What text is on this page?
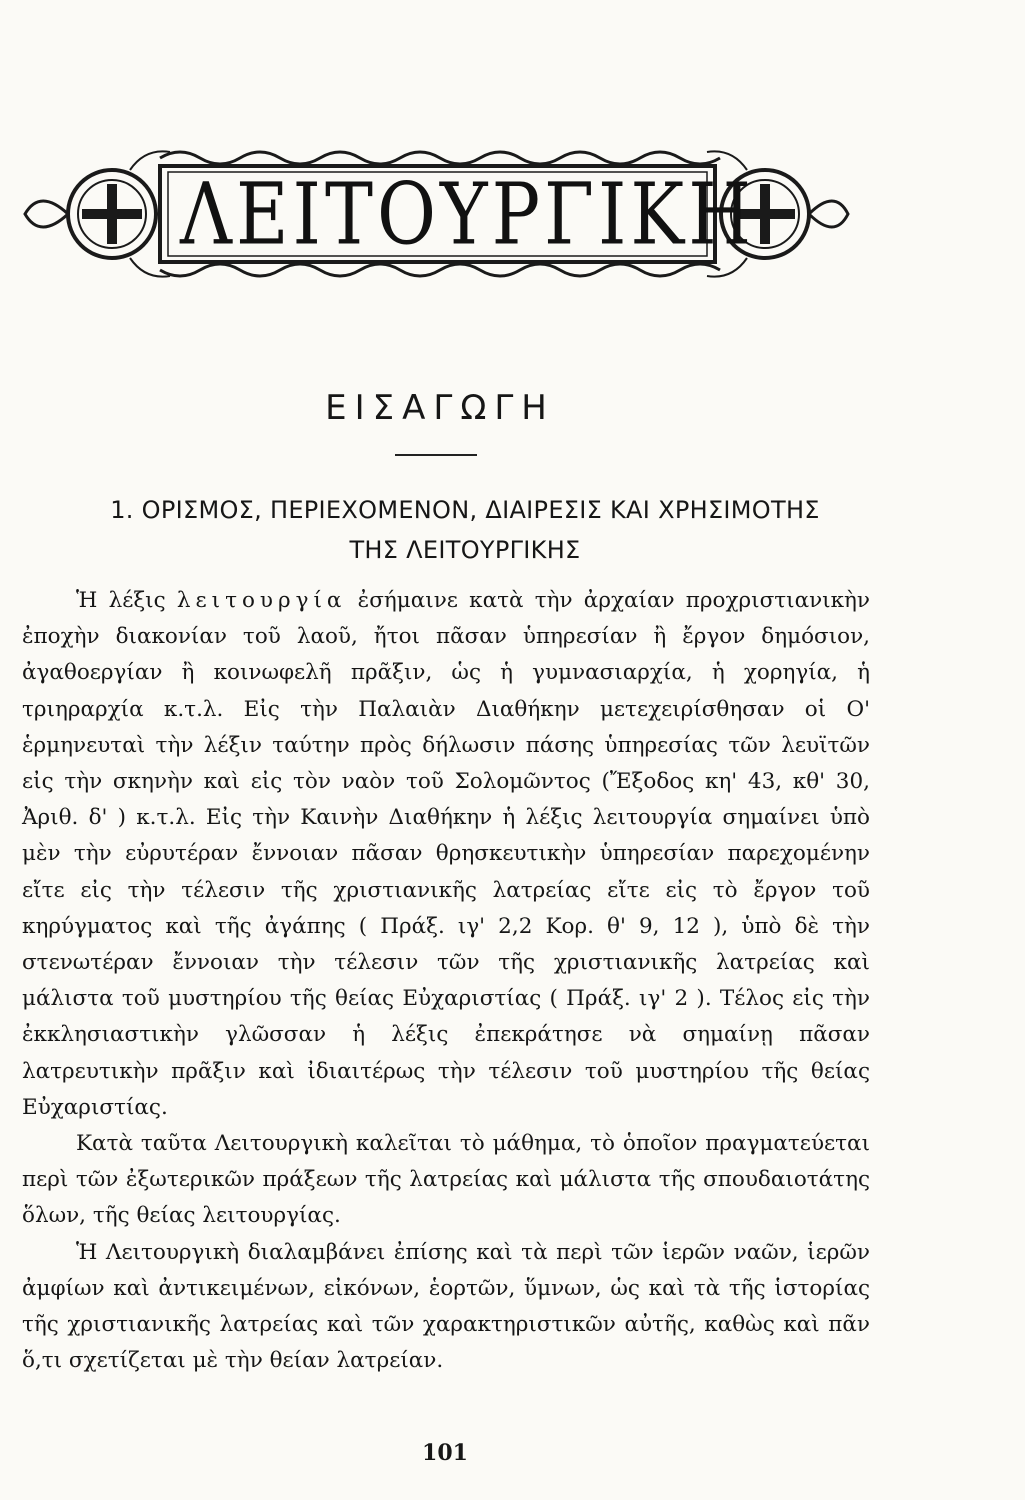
ΛΕΙΤΟΥΡΓΙΚΗ
ΕΙΣΑΓΩΓΗ
1. ΟΡΙΣΜΟΣ, ΠΕΡΙΕΧΟΜΕΝΟΝ, ΔΙΑΙΡΕΣΙΣ ΚΑΙ ΧΡΗΣΙΜΟΤΗΣ
ΤΗΣ ΛΕΙΤΟΥΡΓΙΚΗΣ

Ἡ λέξις λειτουργία ἐσήμαινε κατὰ τὴν ἀρχαίαν προχριστιανικὴν ἐποχὴν διακονίαν τοῦ λαοῦ, ἤτοι πᾶσαν ὑπηρεσίαν ἢ ἔργον δημόσιον, ἀγαθοεργίαν ἢ κοινωφελῆ πρᾶξιν, ὡς ἡ γυμνασιαρχία, ἡ χορηγία, ἡ τριηραρχία κ.τ.λ. Εἰς τὴν Παλαιὰν Διαθήκην μετεχειρίσθησαν οἱ Ο' ἑρμηνευταὶ τὴν λέξιν ταύτην πρὸς δήλωσιν πάσης ὑπηρεσίας τῶν λευϊτῶν εἰς τὴν σκηνὴν καὶ εἰς τὸν ναὸν τοῦ Σολομῶντος (Ἔξοδος κη' 43, κθ' 30, Ἀριθ. δ' ) κ.τ.λ. Εἰς τὴν Καινὴν Διαθήκην ἡ λέξις λειτουργία σημαίνει ὑπὸ μὲν τὴν εὐρυτέραν ἔννοιαν πᾶσαν θρησκευτικὴν ὑπηρεσίαν παρεχομένην εἴτε εἰς τὴν τέλεσιν τῆς χριστιανικῆς λατρείας εἴτε εἰς τὸ ἔργον τοῦ κηρύγματος καὶ τῆς ἀγάπης ( Πράξ. ιγ' 2,2 Κορ. θ' 9, 12 ), ὑπὸ δὲ τὴν στενωτέραν ἔννοιαν τὴν τέλεσιν τῶν τῆς χριστιανικῆς λατρείας καὶ μάλιστα τοῦ μυστηρίου τῆς θείας Εὐχαριστίας ( Πράξ. ιγ' 2 ). Τέλος εἰς τὴν ἐκκλησιαστικὴν γλῶσσαν ἡ λέξις ἐπεκράτησε νὰ σημαίνῃ πᾶσαν λατρευτικὴν πρᾶξιν καὶ ἰδιαιτέρως τὴν τέλεσιν τοῦ μυστηρίου τῆς θείας Εὐχαριστίας.

Κατὰ ταῦτα Λειτουργικὴ καλεῖται τὸ μάθημα, τὸ ὁποῖον πραγματεύεται περὶ τῶν ἐξωτερικῶν πράξεων τῆς λατρείας καὶ μάλιστα τῆς σπουδαιοτάτης ὅλων, τῆς θείας λειτουργίας.

Ἡ Λειτουργικὴ διαλαμβάνει ἐπίσης καὶ τὰ περὶ τῶν ἱερῶν ναῶν, ἱερῶν ἀμφίων καὶ ἀντικειμένων, εἰκόνων, ἑορτῶν, ὕμνων, ὡς καὶ τὰ τῆς ἱστορίας τῆς χριστιανικῆς λατρείας καὶ τῶν χαρακτηριστικῶν αὐτῆς, καθὼς καὶ πᾶν ὅ,τι σχετίζεται μὲ τὴν θείαν λατρείαν.

101
